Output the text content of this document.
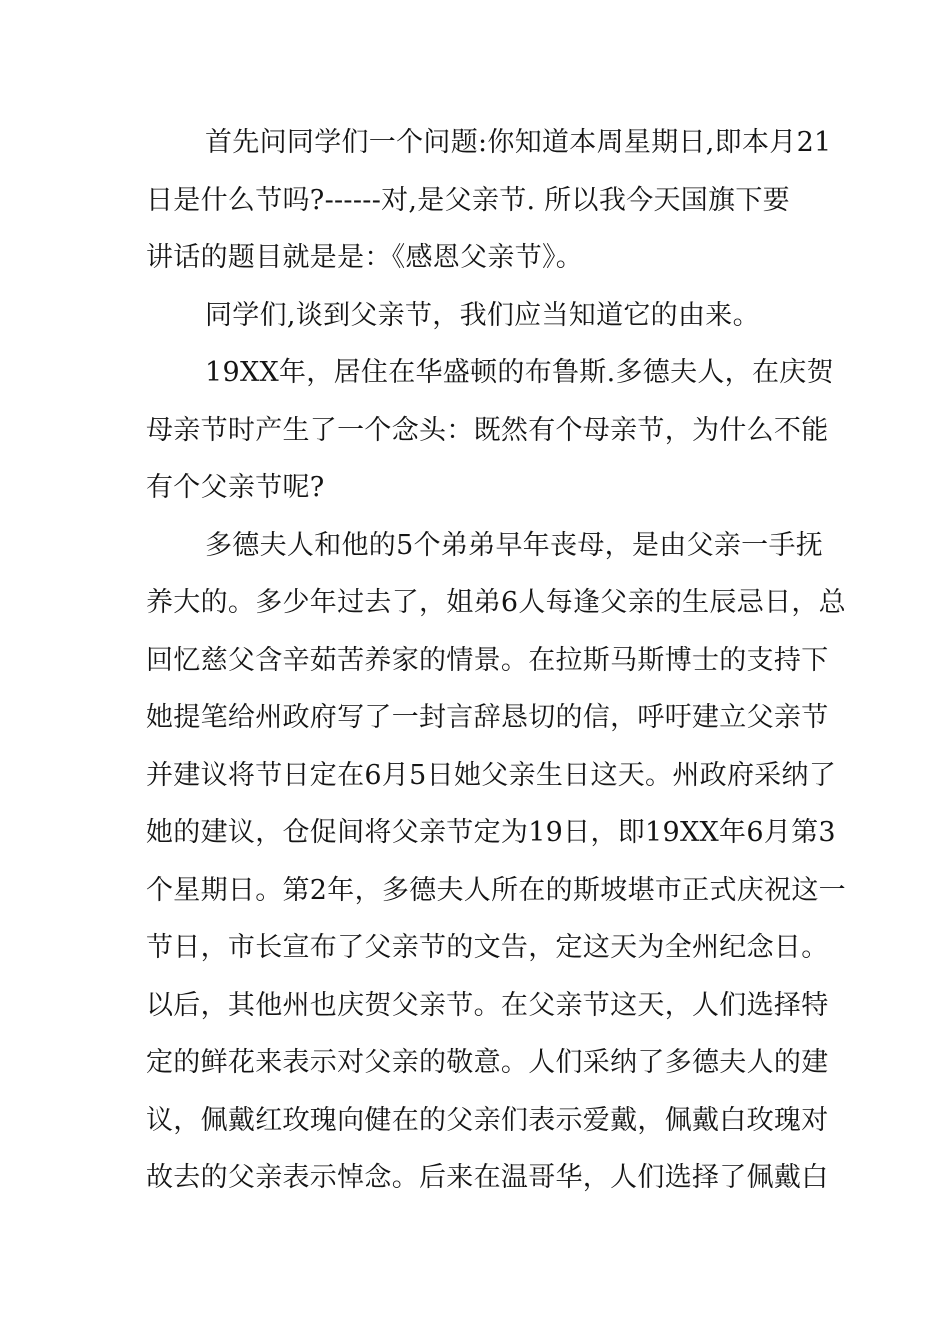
首先问同学们一个问题:你知道本周星期日,即本月21
日是什么节吗?------对,是父亲节. 所以我今天国旗下要
讲话的题目就是是：《感恩父亲节》。
同学们,谈到父亲节，我们应当知道它的由来。
19XX年，居住在华盛顿的布鲁斯.多德夫人，在庆贺
母亲节时产生了一个念头：既然有个母亲节，为什么不能
有个父亲节呢?
多德夫人和他的5个弟弟早年丧母，是由父亲一手抚
养大的。多少年过去了，姐弟6人每逢父亲的生辰忌日，总
回忆慈父含辛茹苦养家的情景。在拉斯马斯博士的支持下
她提笔给州政府写了一封言辞恳切的信，呼吁建立父亲节
并建议将节日定在6月5日她父亲生日这天。州政府采纳了
她的建议，仓促间将父亲节定为19日，即19XX年6月第3
个星期日。第2年，多德夫人所在的斯坡堪市正式庆祝这一
节日，市长宣布了父亲节的文告，定这天为全州纪念日。
以后，其他州也庆贺父亲节。在父亲节这天，人们选择特
定的鲜花来表示对父亲的敬意。人们采纳了多德夫人的建
议，佩戴红玫瑰向健在的父亲们表示爱戴，佩戴白玫瑰对
故去的父亲表示悼念。后来在温哥华，人们选择了佩戴白
